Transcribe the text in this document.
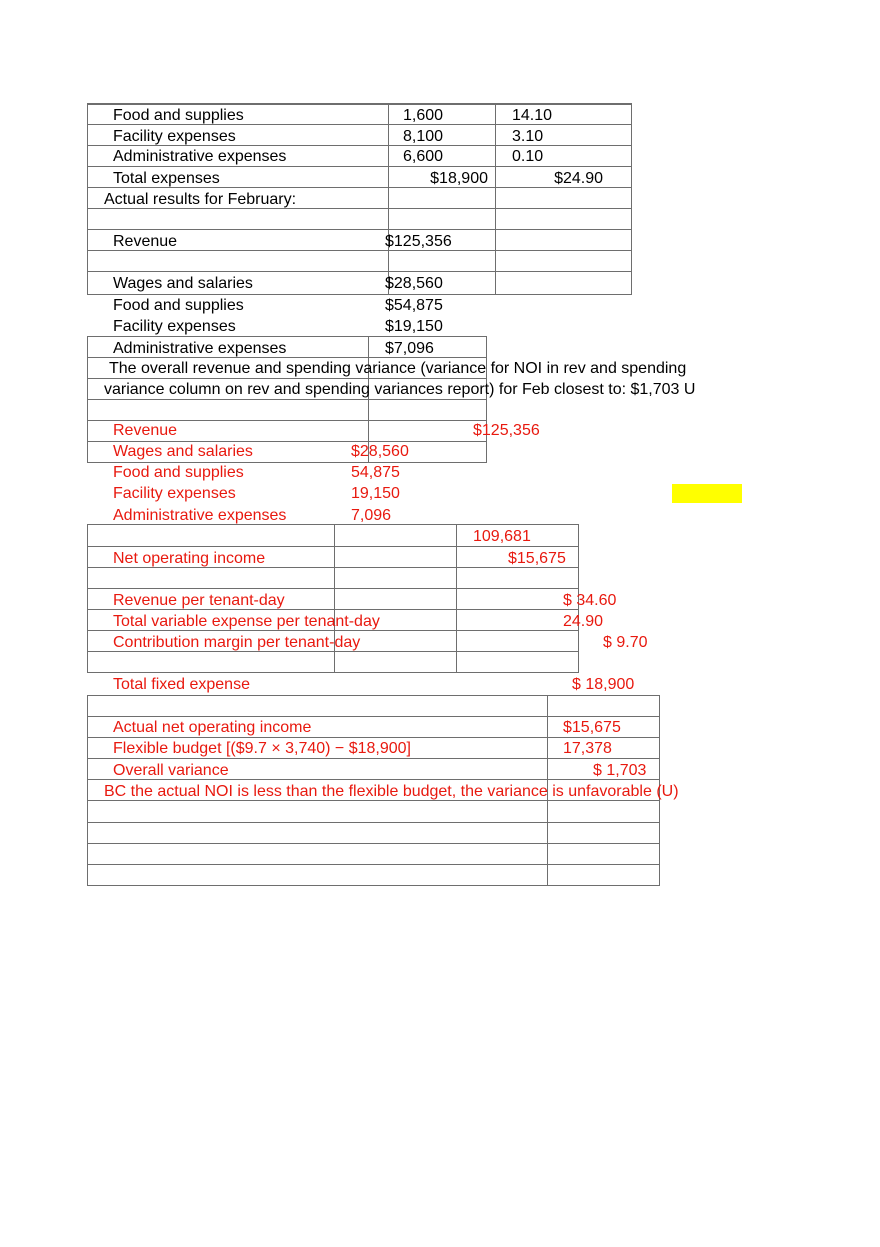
Food and supplies	1,600	14.10
Facility expenses	8,100	3.10
Administrative expenses	6,600	0.10
Total expenses	$18,900	$24.90
Actual results for February:
Revenue	$125,356
Wages and salaries	$28,560
Food and supplies	$54,875
Facility expenses	$19,150
Administrative expenses	$7,096
The overall revenue and spending variance (variance for NOI in rev and spending
variance column on rev and spending variances report) for Feb closest to: $1,703 U
Revenue	$125,356
Wages and salaries	$28,560
Food and supplies	54,875
Facility expenses	19,150
Administrative expenses	7,096
109,681
Net operating income	$15,675
Revenue per tenant-day	$ 34.60
Total variable expense per tenant-day	24.90
Contribution margin per tenant-day	$ 9.70
Total fixed expense	$ 18,900
Actual net operating income	$15,675
Flexible budget [($9.7 × 3,740) − $18,900]	17,378
Overall variance	$ 1,703
BC the actual NOI is less than the flexible budget, the variance is unfavorable (U)
